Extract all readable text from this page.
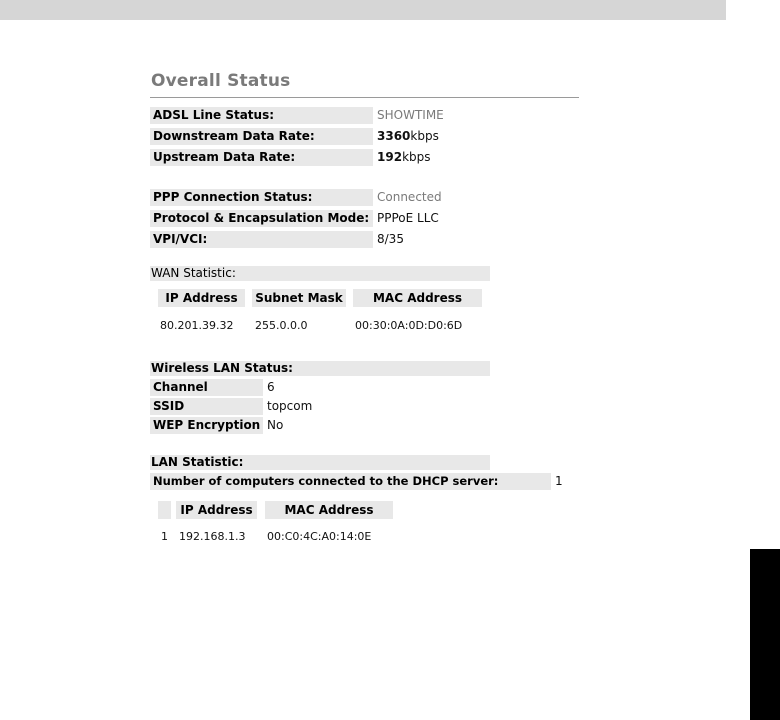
Overall Status
ADSL Line Status:	SHOWTIME
Downstream Data Rate:	3360kbps
Upstream Data Rate:	192kbps
PPP Connection Status:	Connected
Protocol & Encapsulation Mode: PPPoE LLC
VPI/VCI:	8/35
WAN Statistic:
IP Address	Subnet Mask	MAC Address
80.201.39.32 255.0.0.0	00:30:0A:0D:D0:6D
Wireless LAN Status:
Channel	6
SSID	topcom
WEP Encryption No
LAN Statistic:
Number of computers connected to the DHCP server:	1
IP Address	MAC Address
1 192.168.1.3 00:C0:4C:A0:14:0E
